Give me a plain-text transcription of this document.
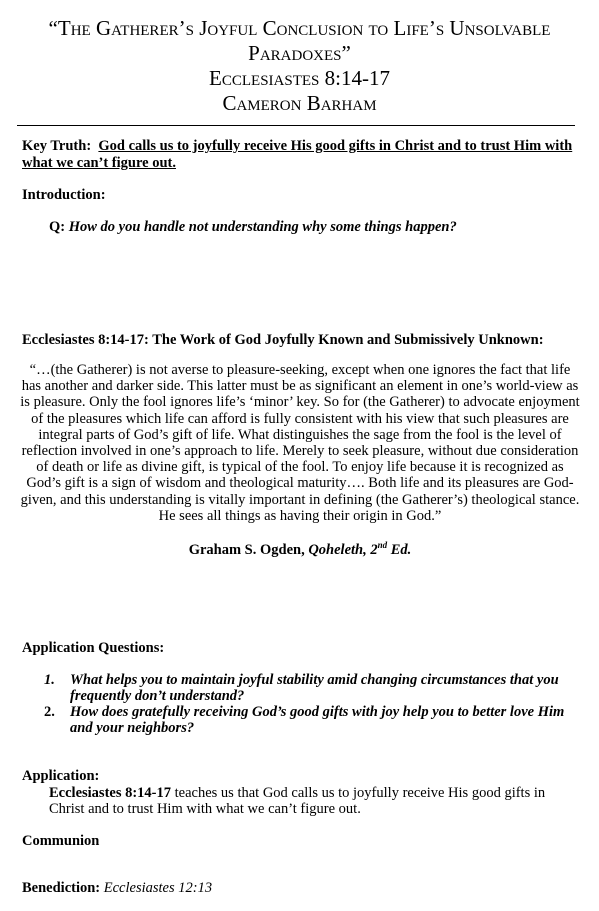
“The Gatherer’s Joyful Conclusion to Life’s Unsolvable
Paradoxes”
Ecclesiastes 8:14-17
Cameron Barham
Key Truth: God calls us to joyfully receive His good gifts in Christ and to trust Him with what we can’t figure out.
Introduction:
Q: How do you handle not understanding why some things happen?
Ecclesiastes 8:14-17: The Work of God Joyfully Known and Submissively Unknown:
“…(the Gatherer) is not averse to pleasure-seeking, except when one ignores the fact that life has another and darker side. This latter must be as significant an element in one’s world-view as is pleasure. Only the fool ignores life’s ‘minor’ key. So for (the Gatherer) to advocate enjoyment of the pleasures which life can afford is fully consistent with his view that such pleasures are integral parts of God’s gift of life. What distinguishes the sage from the fool is the level of reflection involved in one’s approach to life. Merely to seek pleasure, without due consideration of death or life as divine gift, is typical of the fool. To enjoy life because it is recognized as God’s gift is a sign of wisdom and theological maturity…. Both life and its pleasures are God-given, and this understanding is vitally important in defining (the Gatherer’s) theological stance. He sees all things as having their origin in God.”
Graham S. Ogden, Qoheleth, 2nd Ed.
Application Questions:
1. What helps you to maintain joyful stability amid changing circumstances that you frequently don’t understand?
2. How does gratefully receiving God’s good gifts with joy help you to better love Him and your neighbors?
Application:
Ecclesiastes 8:14-17 teaches us that God calls us to joyfully receive His good gifts in Christ and to trust Him with what we can’t figure out.
Communion
Benediction: Ecclesiastes 12:13
